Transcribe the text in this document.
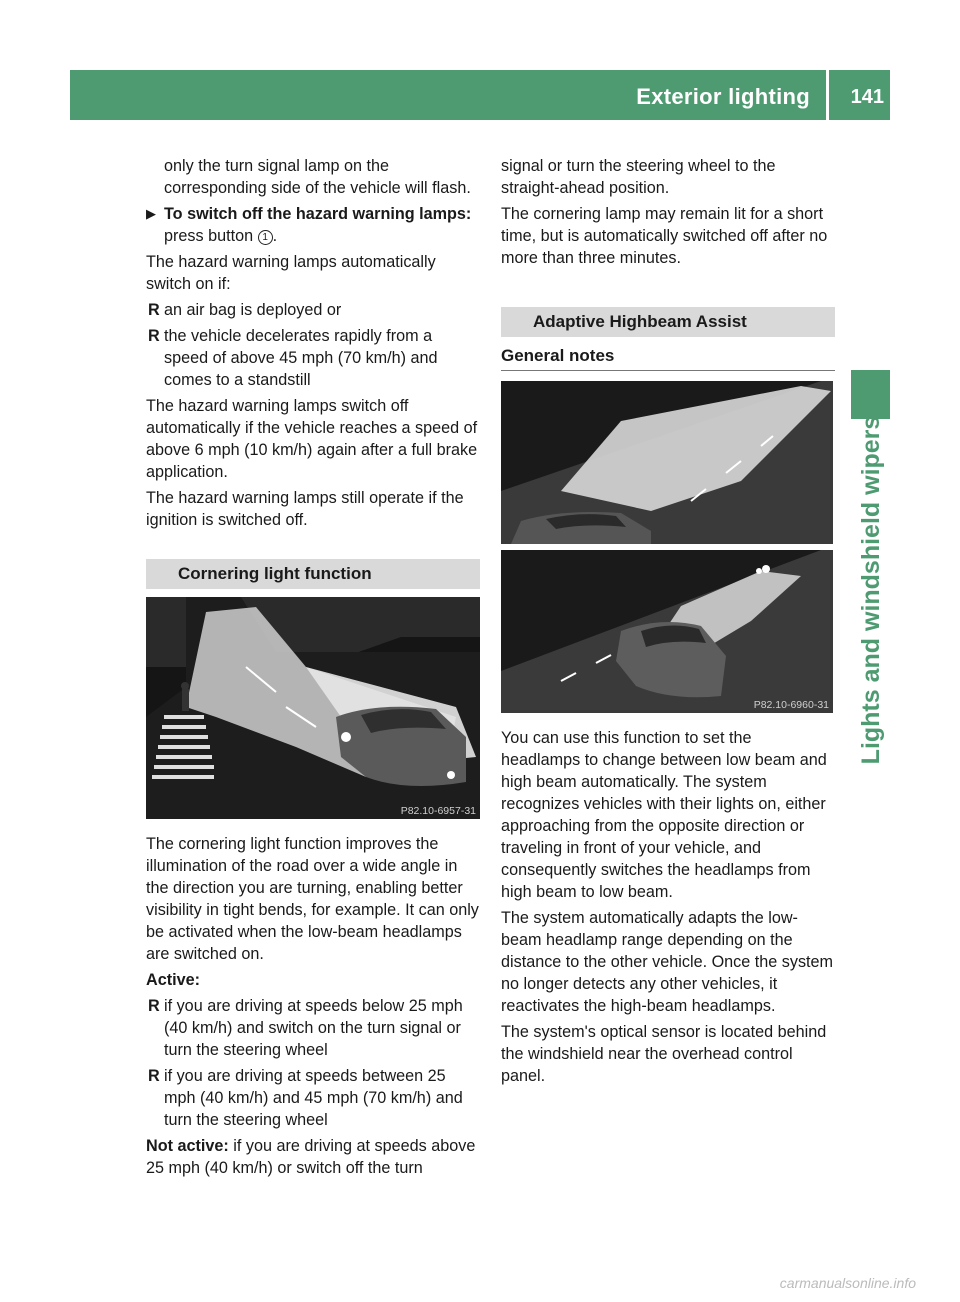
Exterior lighting 141
Lights and windshield wipers

only the turn signal lamp on the corresponding side of the vehicle will flash.

▶ To switch off the hazard warning lamps: press button 1 .

The hazard warning lamps automatically switch on if:

R an air bag is deployed or
R the vehicle decelerates rapidly from a speed of above 45 mph (70 km/h) and comes to a standstill

The hazard warning lamps switch off automatically if the vehicle reaches a speed of above 6 mph (10 km/h) again after a full brake application.

The hazard warning lamps still operate if the ignition is switched off.

Cornering light function
P82.10-6957-31

The cornering light function improves the illumination of the road over a wide angle in the direction you are turning, enabling better visibility in tight bends, for example. It can only be activated when the low-beam headlamps are switched on.

Active:

R if you are driving at speeds below 25 mph (40 km/h) and switch on the turn signal or turn the steering wheel
R if you are driving at speeds between 25 mph (40 km/h) and 45 mph (70 km/h) and turn the steering wheel

Not active: if you are driving at speeds above 25 mph (40 km/h) or switch off the turn

signal or turn the steering wheel to the straight-ahead position.

The cornering lamp may remain lit for a short time, but is automatically switched off after no more than three minutes.

Adaptive Highbeam Assist
General notes
P82.10-6960-31

You can use this function to set the headlamps to change between low beam and high beam automatically. The system recognizes vehicles with their lights on, either approaching from the opposite direction or traveling in front of your vehicle, and consequently switches the headlamps from high beam to low beam.

The system automatically adapts the low-beam headlamp range depending on the distance to the other vehicle. Once the system no longer detects any other vehicles, it reactivates the high-beam headlamps.

The system's optical sensor is located behind the windshield near the overhead control panel.

carmanualsonline.info
